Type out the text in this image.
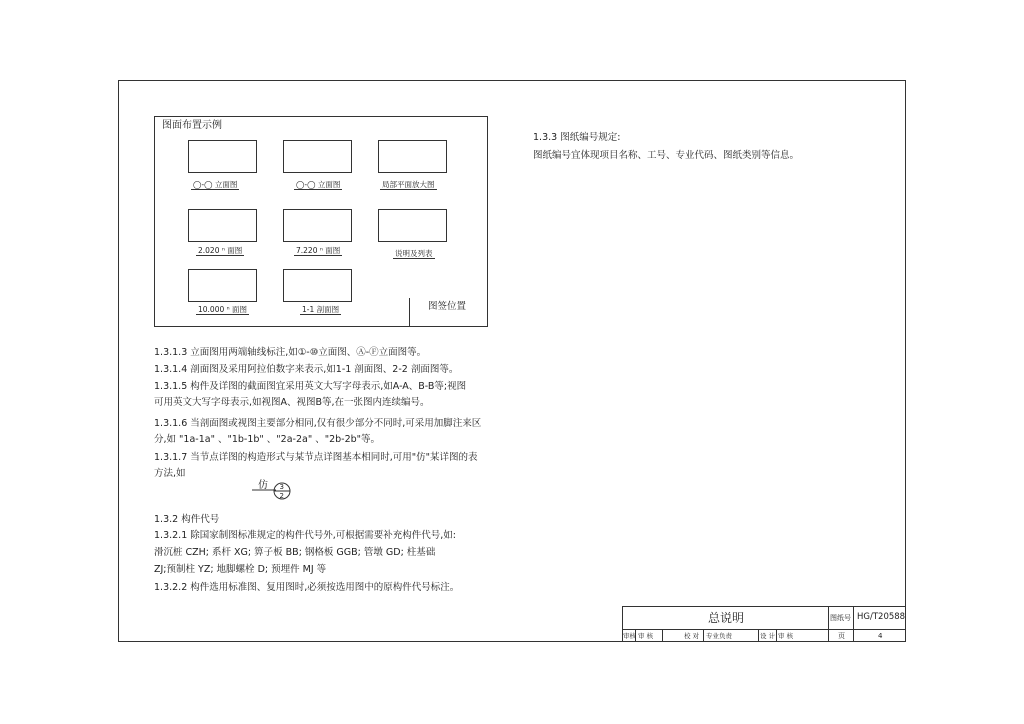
图面布置示例
◯-◯ 立面图	◯-◯ 立面图	局部平面放大图
2.020 ⁿ 面图	7.220 ⁿ 面图	说明及列表
10.000 ⁿ 面图	1-1 剖面图	图签位置
1.3.1.3 立面图用两端轴线标注,如①-⑩立面图、Ⓐ-Ⓕ立面图等。
1.3.1.4 剖面图及采用阿拉伯数字来表示,如1-1 剖面图、2-2 剖面图等。
1.3.1.5 构件及详图的截面图宜采用英文大写字母表示,如A-A、B-B等;视图
可用英文大写字母表示,如视图A、视图B等,在一张图内连续编号。
1.3.1.6 当剖面图或视图主要部分相同,仅有很少部分不同时,可采用加脚注来区
分,如 "1a-1a" 、"1b-1b" 、"2a-2a" 、"2b-2b"等。
1.3.1.7 当节点详图的构造形式与某节点详图基本相同时,可用"仿"某详图的表
方法,如
仿 3
2
1.3.2 构件代号
1.3.2.1 除国家制图标准规定的构件代号外,可根据需要补充构件代号,如:
滑沉桩 CZH; 系杆 XG; 箅子板 BB; 钢格板 GGB; 管墩 GD; 柱基础
ZJ;预制柱 YZ; 地脚螺栓 D; 预埋件 MJ 等
1.3.2.2 构件选用标准图、复用图时,必须按选用图中的原构件代号标注。
1.3.3 图纸编号规定:
图纸编号宜体现项目名称、工号、专业代码、图纸类别等信息。
总说明	图纸号 HG/T20588
页	4
审核 审 核	校 对 专业负责	设 计 审 核
